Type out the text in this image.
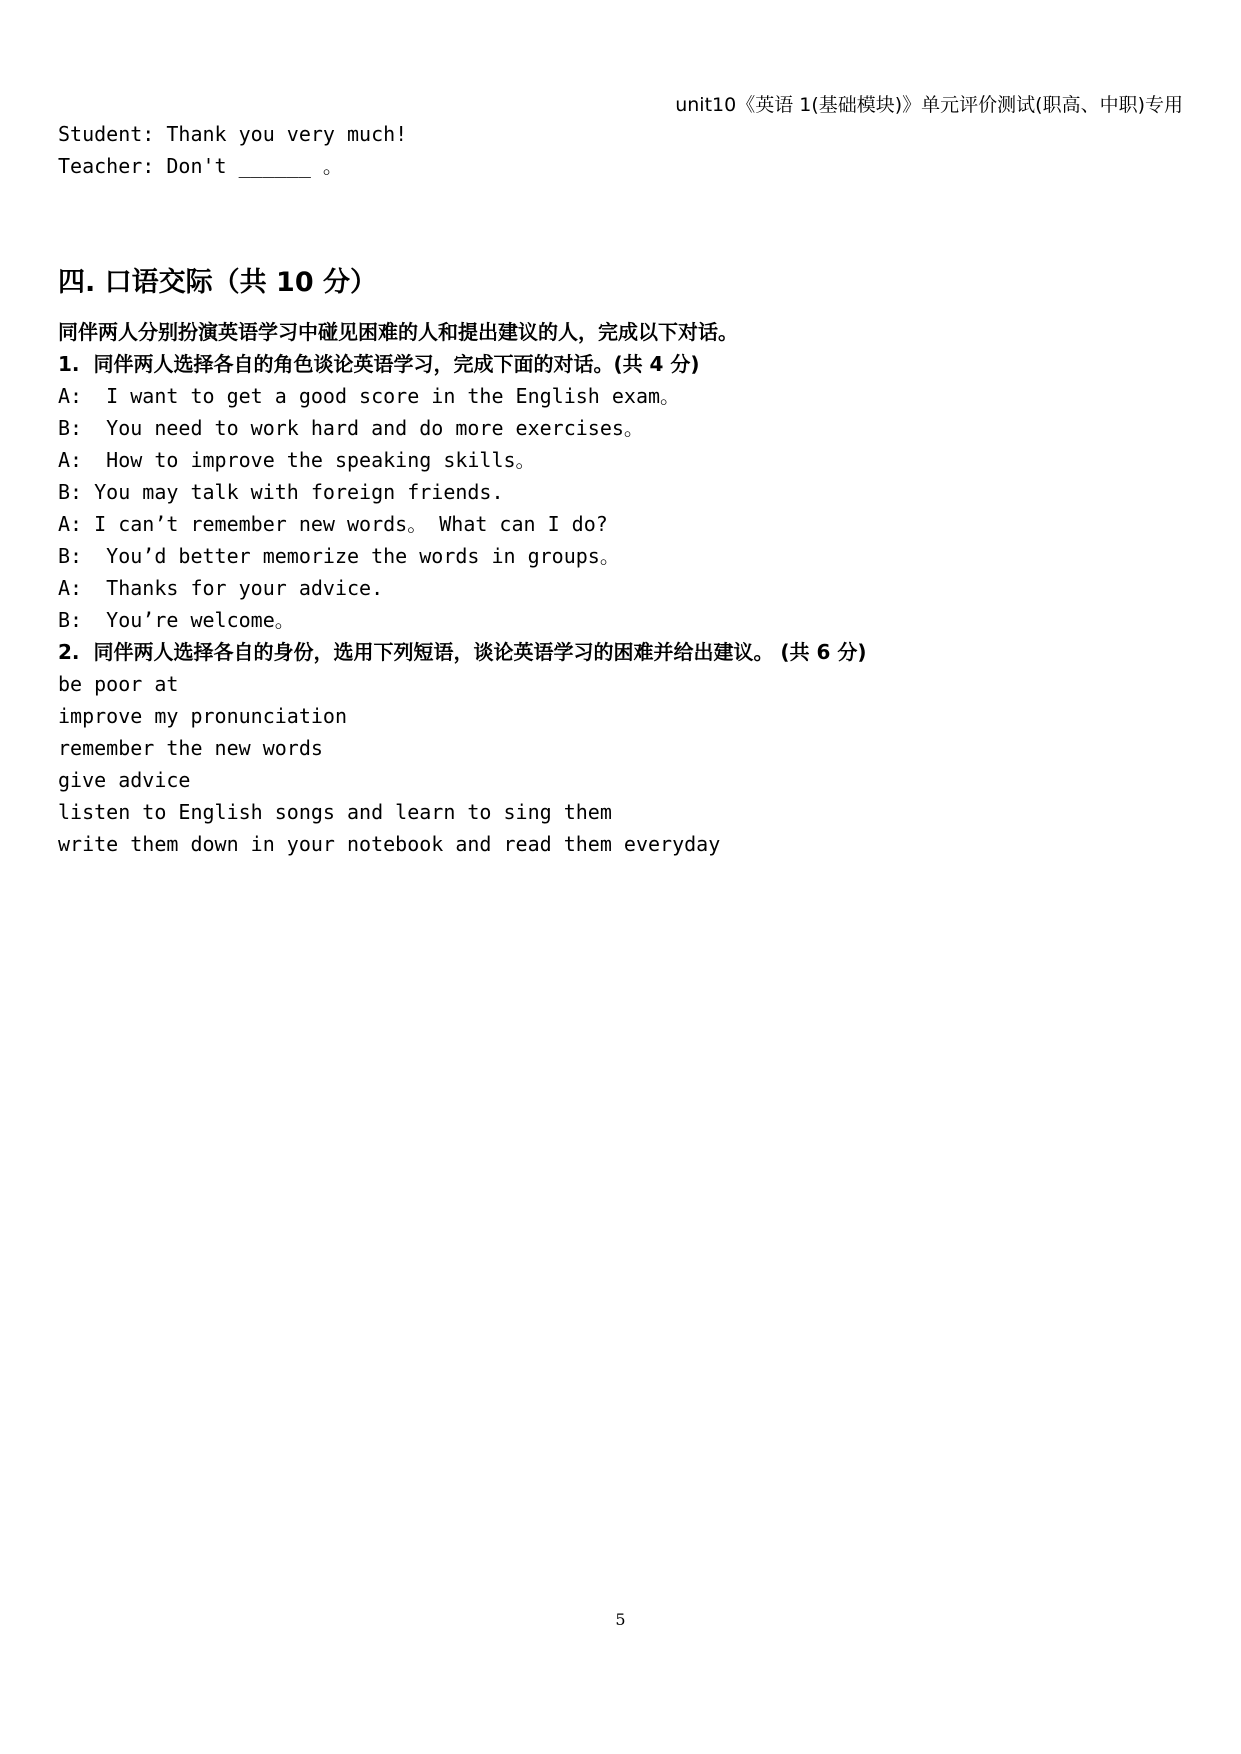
unit10《英语 1(基础模块)》单元评价测试(职高、中职)专用
Student: Thank you very much!
Teacher: Don't ______ 。
四. 口语交际（共 10 分）
同伴两人分别扮演英语学习中碰见困难的人和提出建议的人，完成以下对话。
1.  同伴两人选择各自的角色谈论英语学习，完成下面的对话。(共 4 分)
A:  I want to get a good score in the English exam。
B:  You need to work hard and do more exercises。
A:  How to improve the speaking skills。
B: You may talk with foreign friends.
A: I can’t remember new words。 What can I do?
B:  You’d better memorize the words in groups。
A:  Thanks for your advice.
B:  You’re welcome。
2.  同伴两人选择各自的身份，选用下列短语，谈论英语学习的困难并给出建议。 (共 6 分)
be poor at
improve my pronunciation
remember the new words
give advice
listen to English songs and learn to sing them
write them down in your notebook and read them everyday
5
